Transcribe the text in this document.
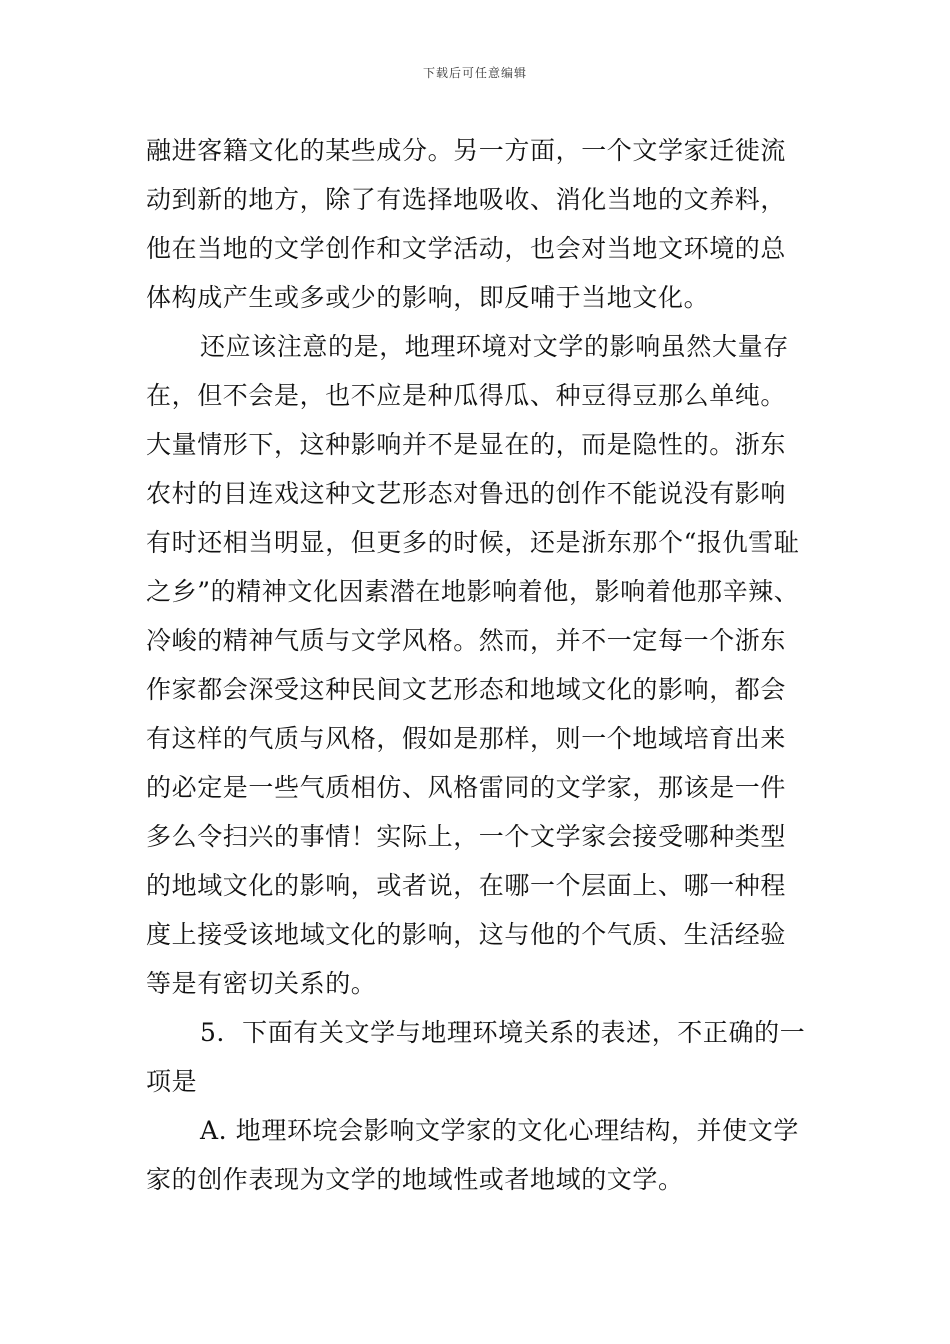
下载后可任意编辑

融进客籍文化的某些成分。另一方面，一个文学家迁徙流动到新的地方，除了有选择地吸收、消化当地的文养料，他在当地的文学创作和文学活动，也会对当地文环境的总体构成产生或多或少的影响，即反哺于当地文化。

还应该注意的是，地理环境对文学的影响虽然大量存在，但不会是，也不应是种瓜得瓜、种豆得豆那么单纯。大量情形下，这种影响并不是显在的，而是隐性的。浙东农村的目连戏这种文艺形态对鲁迅的创作不能说没有影响有时还相当明显，但更多的时候，还是浙东那个“报仇雪耻之乡”的精神文化因素潜在地影响着他，影响着他那辛辣、冷峻的精神气质与文学风格。然而，并不一定每一个浙东作家都会深受这种民间文艺形态和地域文化的影响，都会有这样的气质与风格，假如是那样，则一个地域培育出来的必定是一些气质相仿、风格雷同的文学家，那该是一件多么令扫兴的事情！实际上，一个文学家会接受哪种类型的地域文化的影响，或者说，在哪一个层面上、哪一种程度上接受该地域文化的影响，这与他的个气质、生活经验等是有密切关系的。

5．下面有关文学与地理环境关系的表述，不正确的一项是

A. 地理环垸会影响文学家的文化心理结构，并使文学家的创作表现为文学的地域性或者地域的文学。
